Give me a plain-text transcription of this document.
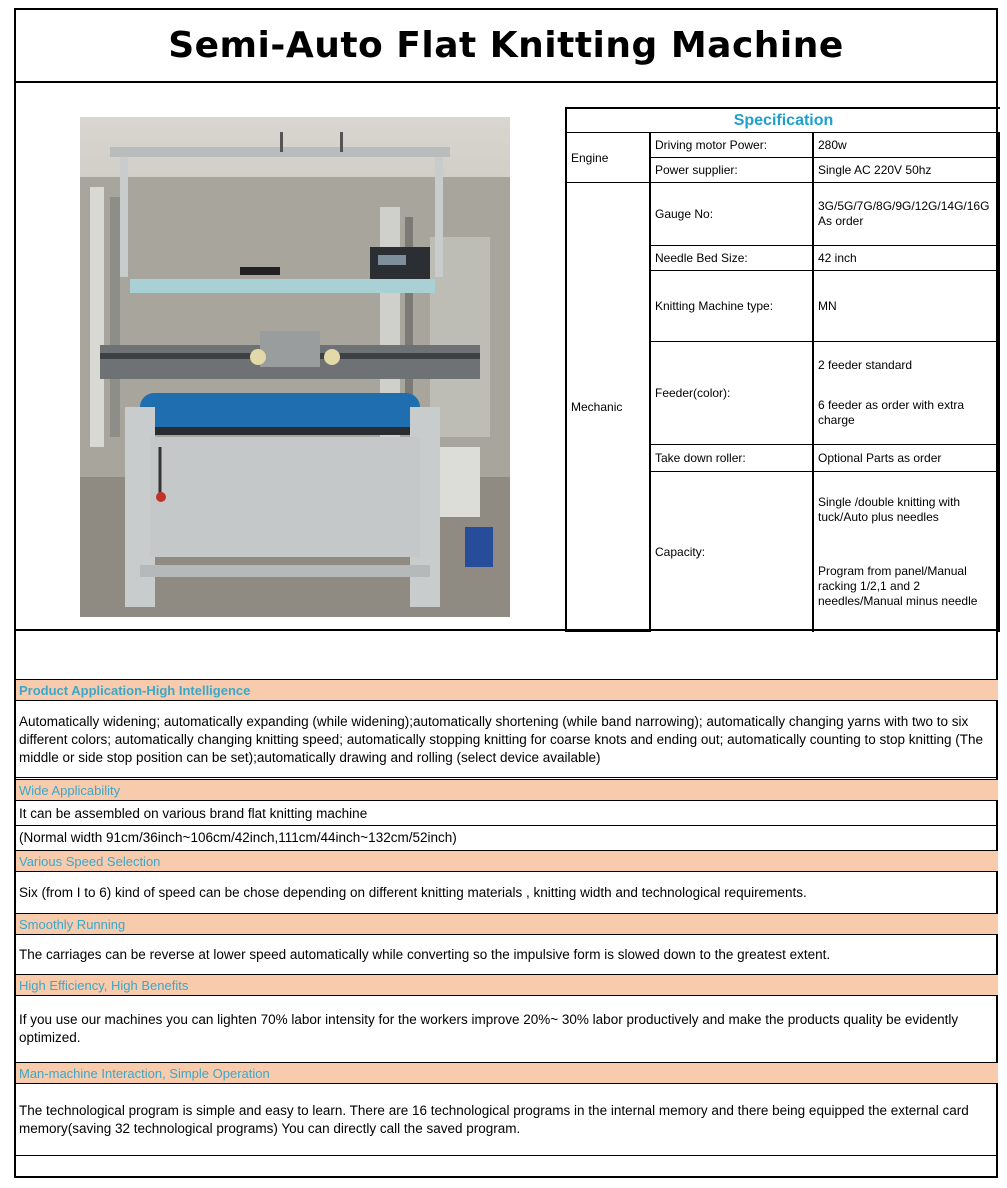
Semi-Auto Flat Knitting Machine
Specification
Engine
Driving motor Power:	280w
Power supplier:	Single AC 220V 50hz
Mechanic
Gauge No:
3G/5G/7G/8G/9G/12G/14G/16G
As order
Needle Bed Size:	42 inch
Knitting Machine type:	MN
Feeder(color):
2 feeder standard
6 feeder as order with extra charge
Take down roller:	Optional Parts as order
Capacity:
Single /double knitting with tuck/Auto plus needles
Program from panel/Manual racking 1/2,1 and 2 needles/Manual minus needle
Product Application-High Intelligence
Automatically widening; automatically expanding (while widening);automatically shortening (while band narrowing); automatically changing yarns with two to six different colors; automatically changing knitting speed; automatically stopping knitting for coarse knots and ending out; automatically counting to stop knitting (The middle or side stop position can be set);automatically drawing and rolling (select device available)
Wide Applicability
It can be assembled on various brand flat knitting machine
(Normal width 91cm/36inch~106cm/42inch,111cm/44inch~132cm/52inch)
Various Speed Selection
Six (from I to 6) kind of speed can be chose depending on different knitting materials , knitting width and technological requirements.
Smoothly Running
The carriages can be reverse at lower speed automatically while converting so the impulsive form is slowed down to the greatest extent.
High Efficiency, High Benefits
If you use our machines you can lighten 70% labor intensity for the workers improve 20%~ 30% labor productively and make the products quality be evidently optimized.
Man-machine Interaction, Simple Operation
The technological program is simple and easy to learn. There are 16 technological programs in the internal memory and there being equipped the external card memory(saving 32 technological programs) You can directly call the saved program.
